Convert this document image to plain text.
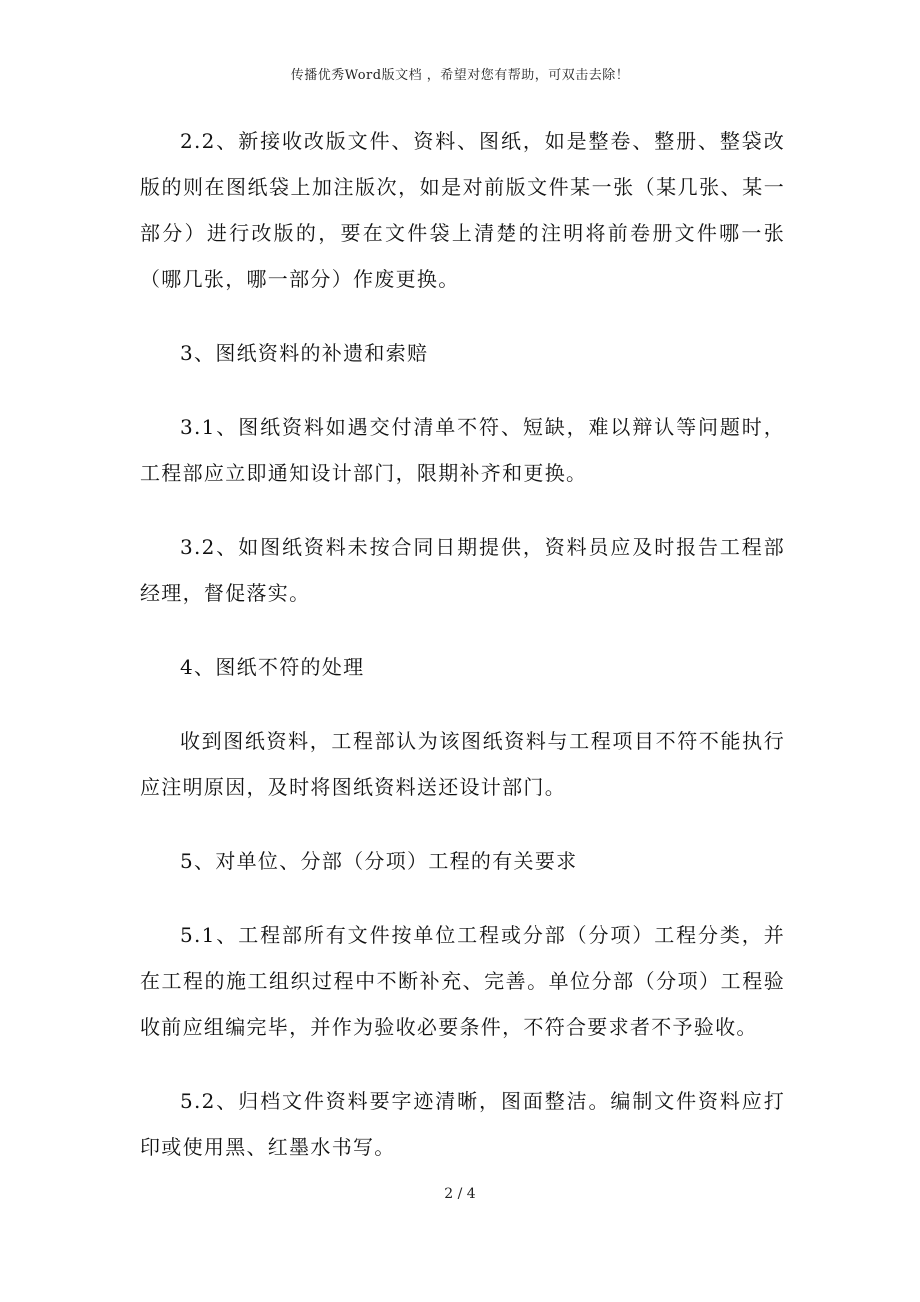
传播优秀Word版文档 ，希望对您有帮助，可双击去除！

2.2、新接收改版文件、资料、图纸，如是整卷、整册、整袋改版的则在图纸袋上加注版次，如是对前版文件某一张（某几张、某一部分）进行改版的，要在文件袋上清楚的注明将前卷册文件哪一张（哪几张，哪一部分）作废更换。

3、图纸资料的补遗和索赔

3.1、图纸资料如遇交付清单不符、短缺，难以辩认等问题时，工程部应立即通知设计部门，限期补齐和更换。

3.2、如图纸资料未按合同日期提供，资料员应及时报告工程部经理，督促落实。

4、图纸不符的处理

收到图纸资料，工程部认为该图纸资料与工程项目不符不能执行应注明原因，及时将图纸资料送还设计部门。

5、对单位、分部（分项）工程的有关要求

5.1、工程部所有文件按单位工程或分部（分项）工程分类，并在工程的施工组织过程中不断补充、完善。单位分部（分项）工程验收前应组编完毕，并作为验收必要条件，不符合要求者不予验收。

5.2、归档文件资料要字迹清晰，图面整洁。编制文件资料应打印或使用黑、红墨水书写。

2 / 4
